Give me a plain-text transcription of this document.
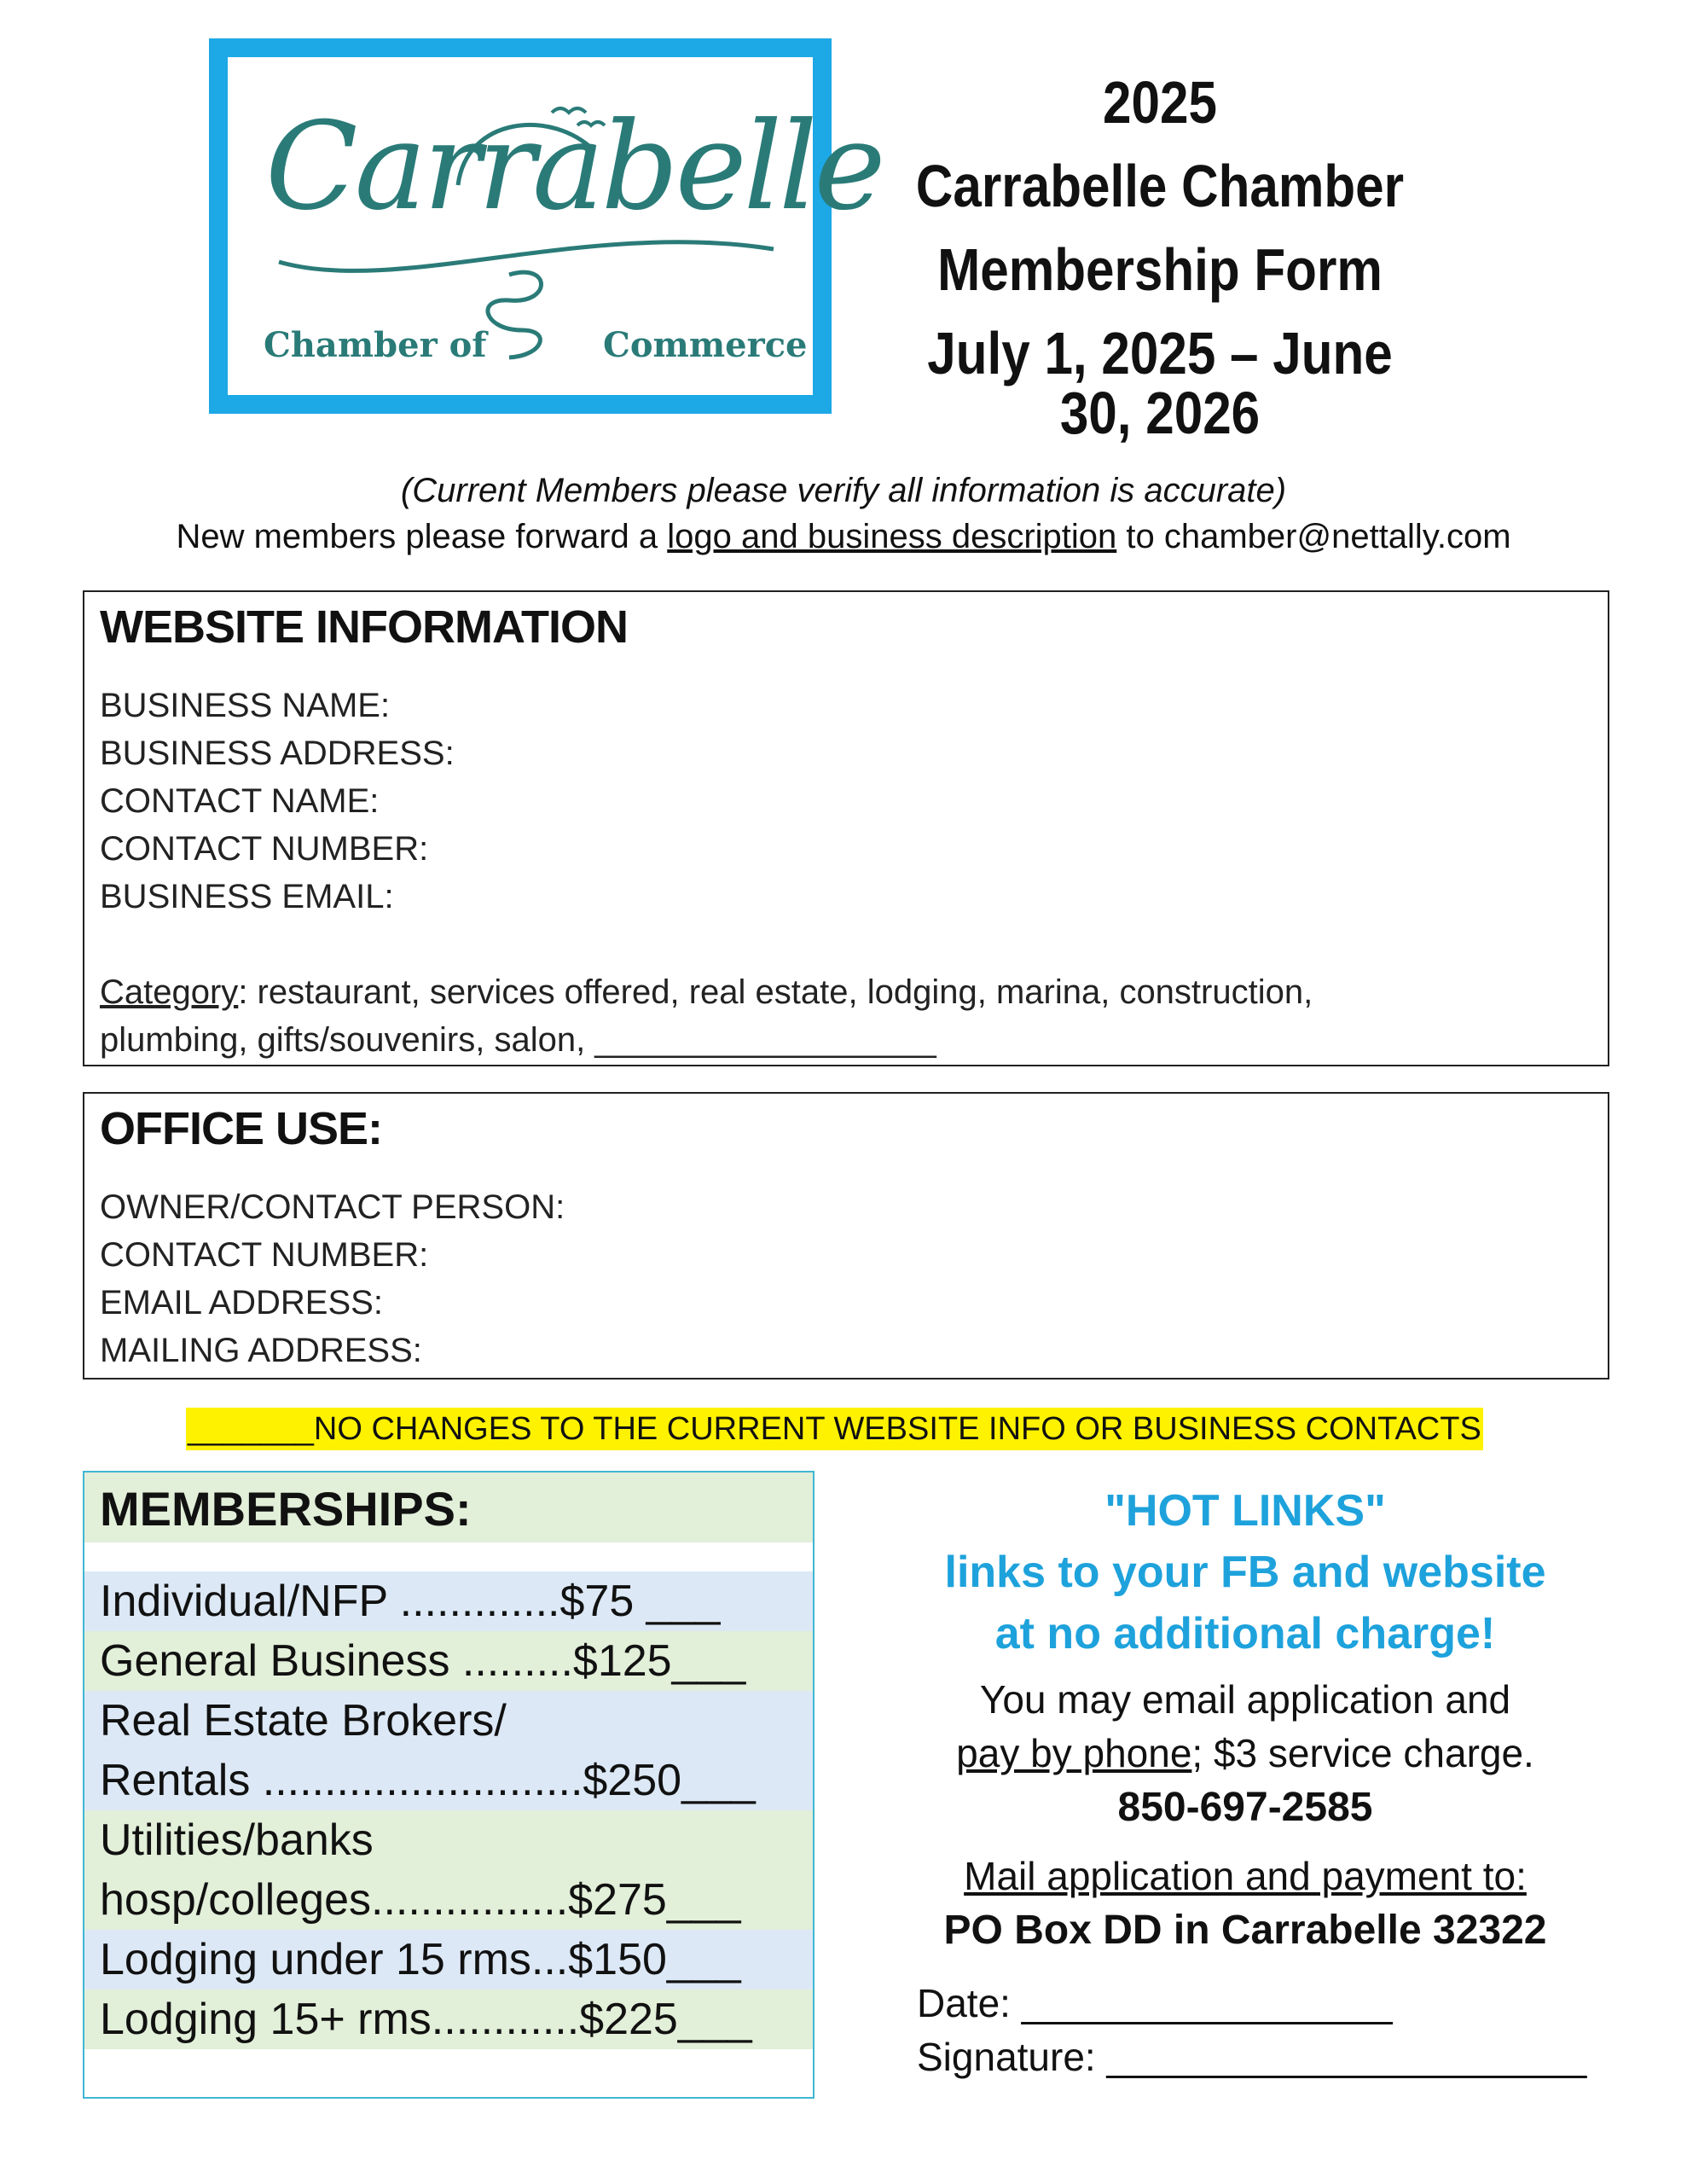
Carrabelle
Chamber of	Commerce
2025
Carrabelle Chamber
Membership Form
July 1, 2025 – June 30, 2026
(Current Members please verify all information is accurate)
New members please forward a logo and business description to chamber@nettally.com
WEBSITE INFORMATION
BUSINESS NAME:
BUSINESS ADDRESS:
CONTACT NAME:
CONTACT NUMBER:
BUSINESS EMAIL:
Category: restaurant, services offered, real estate, lodging, marina, construction,
plumbing, gifts/souvenirs, salon, __________________
OFFICE USE:
OWNER/CONTACT PERSON:
CONTACT NUMBER:
EMAIL ADDRESS:
MAILING ADDRESS:
_______NO CHANGES TO THE CURRENT WEBSITE INFO OR BUSINESS CONTACTS
MEMBERSHIPS:
Individual/NFP .............$75 ___
General Business .........$125___
Real Estate Brokers/
Rentals ..........................$250___
Utilities/banks
hosp/colleges................$275___
Lodging under 15 rms...$150___
Lodging 15+ rms............$225___
"HOT LINKS"
links to your FB and website
at no additional charge!
You may email application and
pay by phone; $3 service charge.
850-697-2585
Mail application and payment to:
PO Box DD in Carrabelle 32322
Date: _________________
Signature: ______________________
